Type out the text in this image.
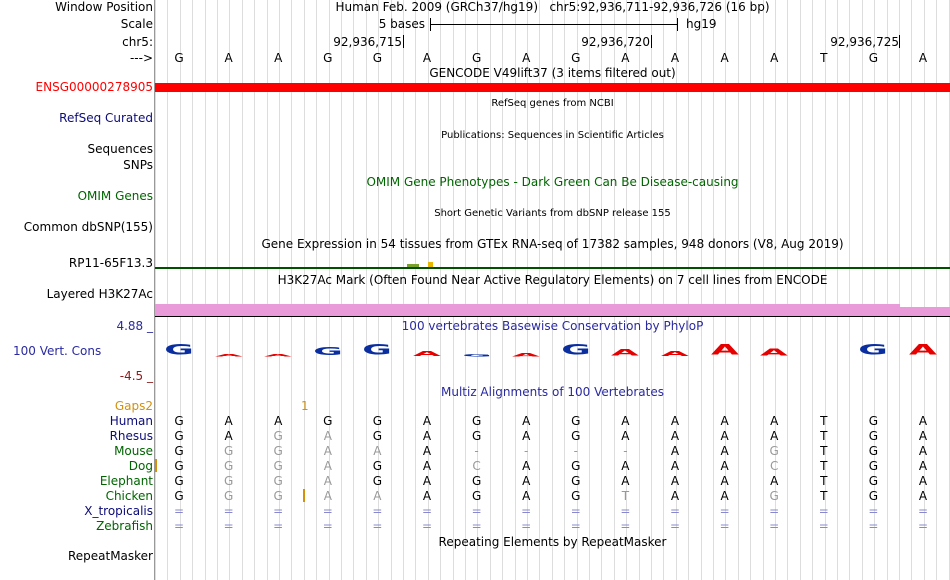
Window Position	Human Feb. 2009 (GRCh37/hg19)   chr5:92,936,711-92,936,726 (16 bp)
Scale	5 bases	hg19
chr5:	92,936,715	92,936,720	92,936,725
--->	G	A	A	G	G	A	G	A	G	A	A	A	A	T	G	A
GENCODE V49lift37 (3 items filtered out)
ENSG00000278905
RefSeq genes from NCBI
RefSeq Curated
Publications: Sequences in Scientific Articles
Sequences
SNPs
OMIM Gene Phenotypes - Dark Green Can Be Disease-causing
OMIM Genes
Short Genetic Variants from dbSNP release 155
Common dbSNP(155)
Gene Expression in 54 tissues from GTEx RNA-seq of 17382 samples, 948 donors (V8, Aug 2019)
RP11-65F13.3
H3K27Ac Mark (Often Found Near Active Regulatory Elements) on 7 cell lines from ENCODE
Layered H3K27Ac
4.88 _	100 vertebrates Basewise Conservation by PhyloP
100 Vert. Cons
-4.5 _
G	A	A	G	G	A	G	A	G	A	A	A	A	G	A
Multiz Alignments of 100 Vertebrates
Gaps2	1
Human	G	A	A	G	G	A	G	A	G	A	A	A	A	T	G	A
Rhesus	G	A	G	A	G	A	G	A	G	A	A	A	A	T	G	A
Mouse	G	G	G	A	A	A	-	-	-	-	A	A	G	T	G	A
Dog	G	G	G	A	G	A	C	A	G	A	A	A	C	T	G	A
Elephant	G	G	G	A	G	A	G	A	G	A	A	A	A	T	G	A
Chicken	G	G	G	A	A	A	G	A	G	T	A	A	G	T	G	A
X_tropicalis	=	=	=	=	=	=	=	=	=	=	=	=	=	=	=	=
Zebrafish	=	=	=	=	=	=	=	=	=	=	=	=	=	=	=	=
Repeating Elements by RepeatMasker
RepeatMasker
